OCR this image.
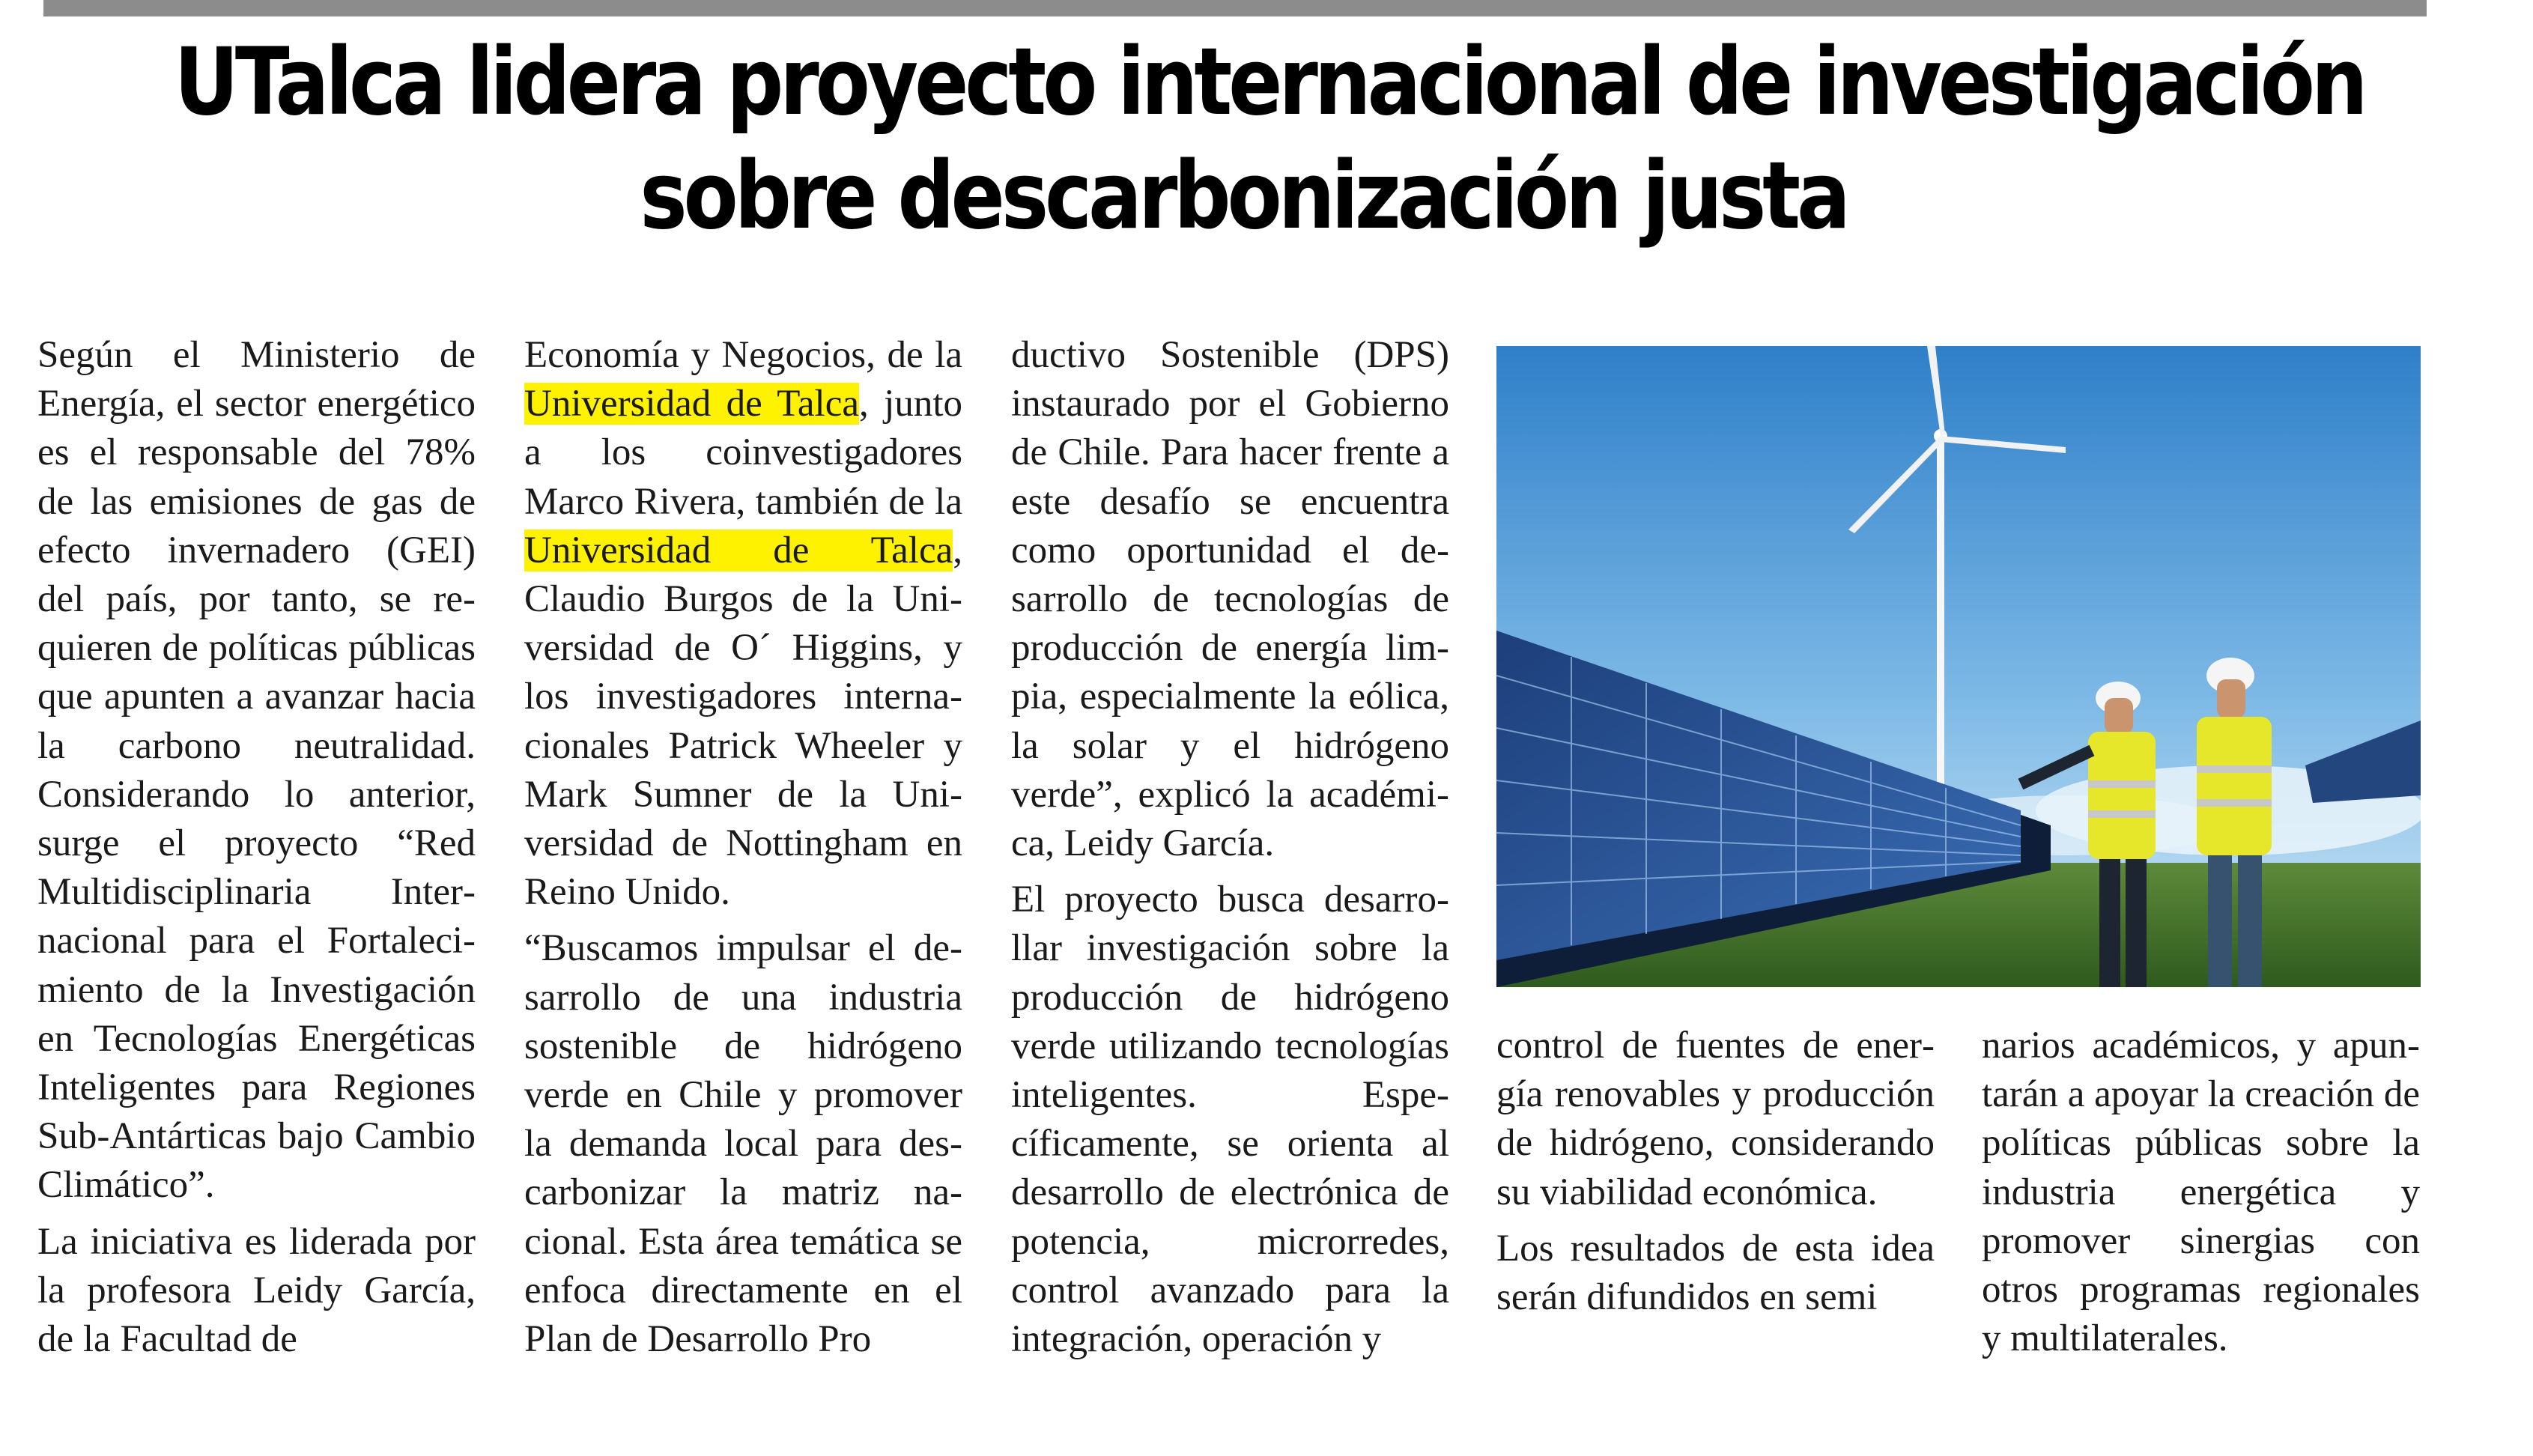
UTalca lidera proyecto internacional de investigación
sobre descarbonización justa

Según el Ministerio de Energía, el sector energético es el responsable del 78% de las emisiones de gas de efecto invernadero (GEI) del país, por tanto, se requieren de políticas públicas que apunten a avanzar hacia la carbono neutralidad. Considerando lo anterior, surge el proyecto “Red Multidisciplinaria Internacional para el Fortalecimiento de la Investigación en Tecnologías Energéticas Inteligentes para Regiones Sub-Antárticas bajo Cambio Climático”.

La iniciativa es liderada por la profesora Leidy García, de la Facultad de

Economía y Negocios, de la Universidad de Talca, junto a los coinvestigadores Marco Rivera, también de la Universidad de Talca, Claudio Burgos de la Universidad de O´ Higgins, y los investigadores internacionales Patrick Wheeler y Mark Sumner de la Universidad de Nottingham en Reino Unido.

“Buscamos impulsar el desarrollo de una industria sostenible de hidrógeno verde en Chile y promover la demanda local para descarbonizar la matriz nacional. Esta área temática se enfoca directamente en el Plan de Desarrollo Pro

ductivo Sostenible (DPS) instaurado por el Gobierno de Chile. Para hacer frente a este desafío se encuentra como oportunidad el desarrollo de tecnologías de producción de energía limpia, especialmente la eólica, la solar y el hidrógeno verde”, explicó la académica, Leidy García.

El proyecto busca desarrollar investigación sobre la producción de hidrógeno verde utilizando tecnologías inteligentes. Específicamente, se orienta al desarrollo de electrónica de potencia, microrredes, control avanzado para la integración, operación y

control de fuentes de energía renovables y producción de hidrógeno, considerando su viabilidad económica.

Los resultados de esta idea serán difundidos en semi

narios académicos, y apuntarán a apoyar la creación de políticas públicas sobre la industria energética y promover sinergias con otros programas regionales y multilaterales.
